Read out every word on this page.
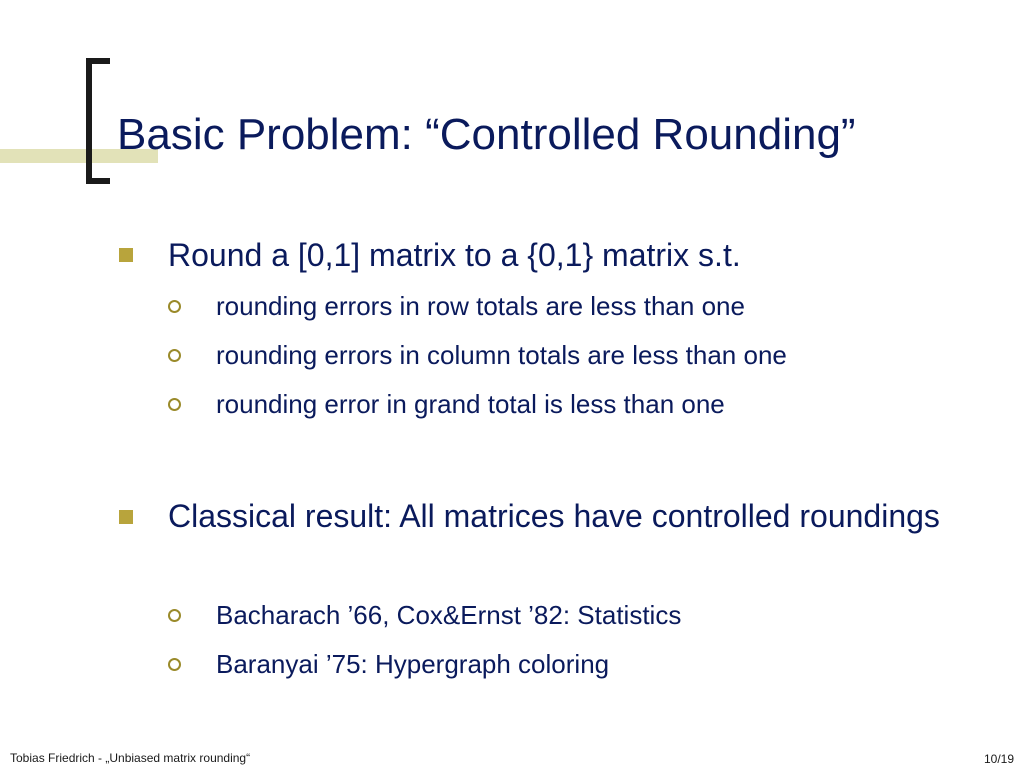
Basic Problem: “Controlled Rounding”
Round a [0,1] matrix to a {0,1} matrix s.t.
rounding errors in row totals are less than one
rounding errors in column totals are less than one
rounding error in grand total is less than one
Classical result: All matrices have controlled roundings
Bacharach ’66, Cox&Ernst ’82: Statistics
Baranyai ’75: Hypergraph coloring
Tobias Friedrich - „Unbiased matrix rounding“	10/19
